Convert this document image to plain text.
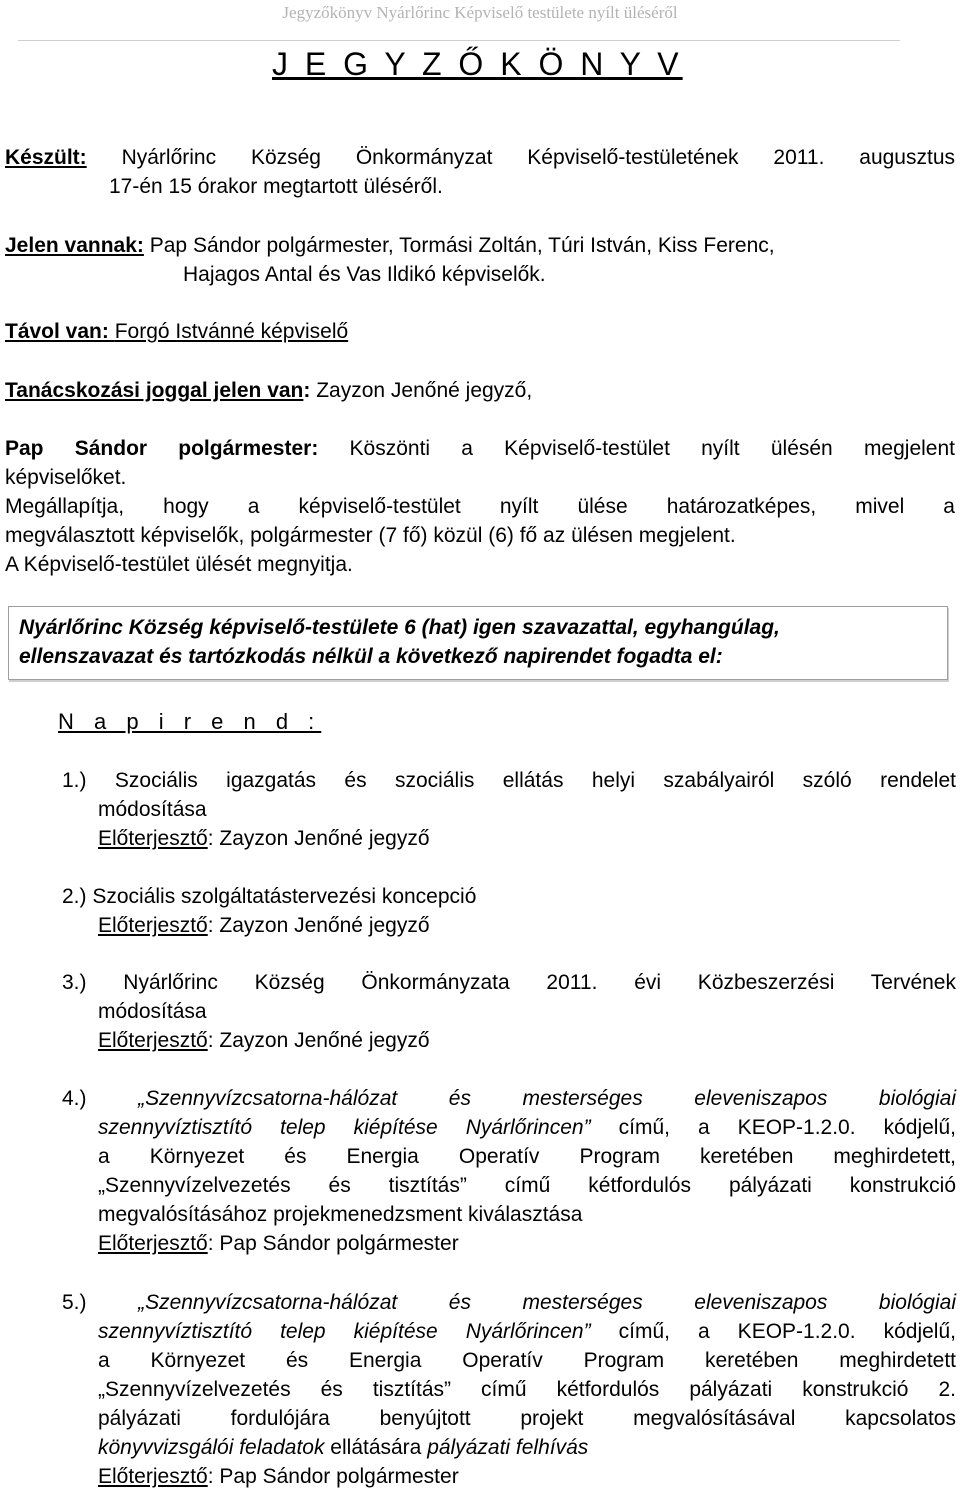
Jegyzőkönyv Nyárlőrinc Képviselő testülete nyílt üléséről
J E G Y Z Ő K Ö N Y V
Készült: Nyárlőrinc Község Önkormányzat Képviselő-testületének 2011. augusztus
17-én 15 órakor megtartott üléséről.
Jelen vannak: Pap Sándor polgármester, Tormási Zoltán, Túri István, Kiss Ferenc,
Hajagos Antal és Vas Ildikó képviselők.
Távol van: Forgó Istvánné képviselő
Tanácskozási joggal jelen van: Zayzon Jenőné jegyző,
Pap Sándor polgármester: Köszönti a Képviselő-testület nyílt ülésén megjelent
képviselőket.
Megállapítja, hogy a képviselő-testület nyílt ülése határozatképes, mivel a
megválasztott képviselők, polgármester (7 fő) közül (6) fő az ülésen megjelent.
A Képviselő-testület ülését megnyitja.
Nyárlőrinc Község képviselő-testülete 6 (hat) igen szavazattal, egyhangúlag,
ellenszavazat és tartózkodás nélkül a következő napirendet fogadta el:
N a p i r e n d :
1.) Szociális igazgatás és szociális ellátás helyi szabályairól szóló rendelet
módosítása
Előterjesztő: Zayzon Jenőné jegyző
2.) Szociális szolgáltatástervezési koncepció
Előterjesztő: Zayzon Jenőné jegyző
3.) Nyárlőrinc Község Önkormányzata 2011. évi Közbeszerzési Tervének
módosítása
Előterjesztő: Zayzon Jenőné jegyző
4.) „Szennyvízcsatorna-hálózat és mesterséges eleveniszapos biológiai
szennyvíztisztító telep kiépítése Nyárlőrincen” című, a KEOP-1.2.0. kódjelű,
a Környezet és Energia Operatív Program keretében meghirdetett,
„Szennyvízelvezetés és tisztítás” című kétfordulós pályázati konstrukció
megvalósításához projekmenedzsment kiválasztása
Előterjesztő: Pap Sándor polgármester
5.) „Szennyvízcsatorna-hálózat és mesterséges eleveniszapos biológiai
szennyvíztisztító telep kiépítése Nyárlőrincen” című, a KEOP-1.2.0. kódjelű,
a Környezet és Energia Operatív Program keretében meghirdetett
„Szennyvízelvezetés és tisztítás” című kétfordulós pályázati konstrukció 2.
pályázati fordulójára benyújtott projekt megvalósításával kapcsolatos
könyvvizsgálói feladatok ellátására pályázati felhívás
Előterjesztő: Pap Sándor polgármester
